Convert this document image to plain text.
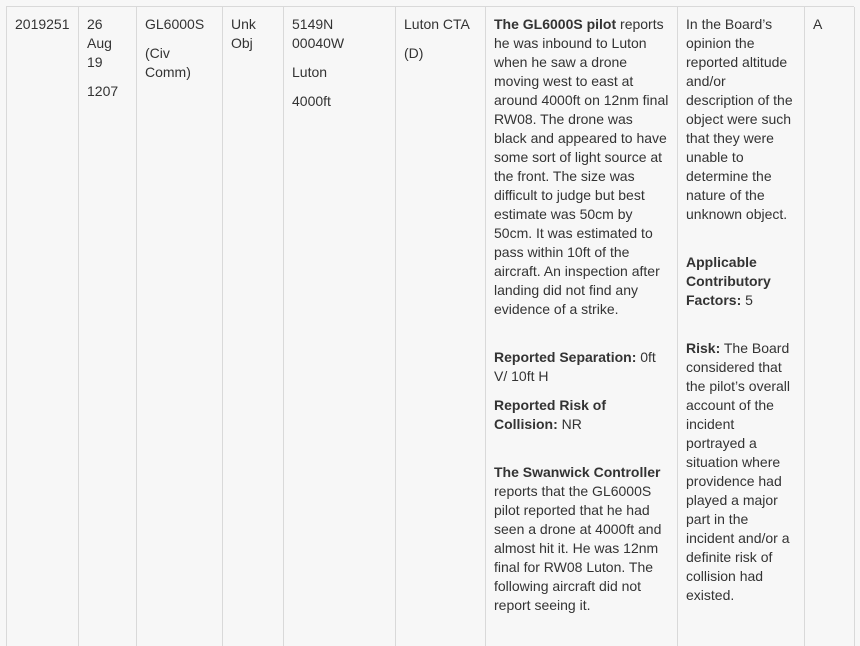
2019251 26

Aug

19

1207

GL6000S

(Civ Comm)

Unk Obj

5149N 00040W

Luton

4000ft

Luton CTA

(D)

The GL6000S pilot reports he was inbound to Luton when he saw a drone moving west to east at around 4000ft on 12nm final RW08. The drone was black and appeared to have some sort of light source at the front. The size was difficult to judge but best estimate was 50cm by 50cm. It was estimated to pass within 10ft of the aircraft. An inspection after landing did not find any evidence of a strike.

Reported Separation: 0ft V/ 10ft H

Reported Risk of Collision: NR

The Swanwick Controller reports that the GL6000S pilot reported that he had seen a drone at 4000ft and almost hit it. He was 12nm final for RW08 Luton. The following aircraft did not report seeing it.

In the Board’s opinion the reported altitude and/or description of the object were such that they were unable to determine the nature of the unknown object.

Applicable Contributory Factors: 5

Risk: The Board considered that the pilot’s overall account of the incident portrayed a situation where providence had played a major part in the incident and/or a definite risk of collision had existed.

A
